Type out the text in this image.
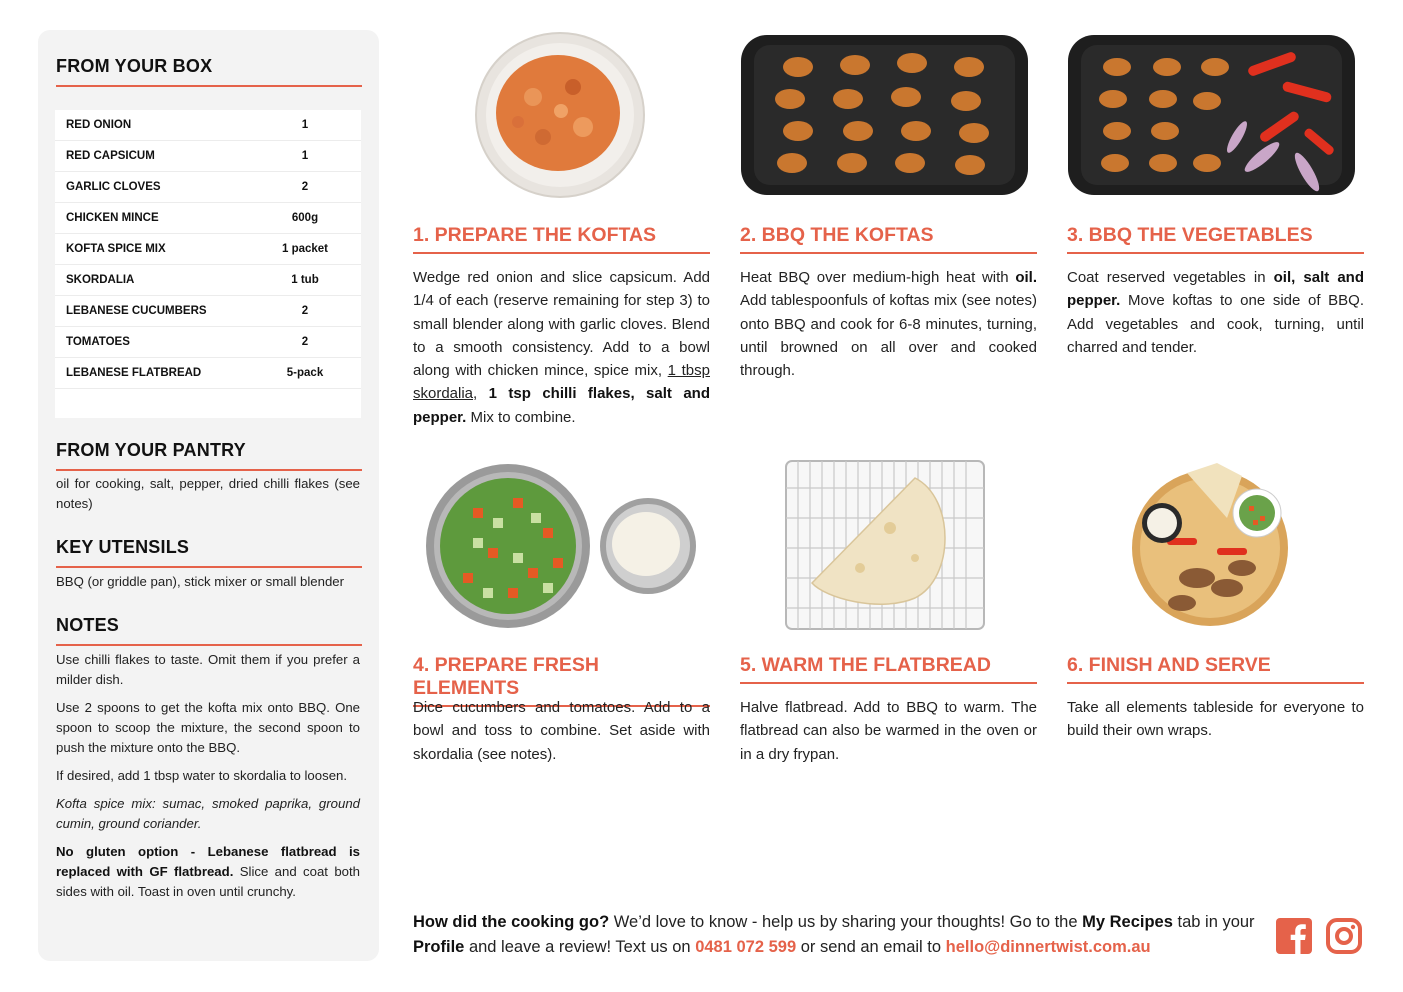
FROM YOUR BOX
RED ONION	1
RED CAPSICUM	1
GARLIC CLOVES	2
CHICKEN MINCE	600g
KOFTA SPICE MIX	1 packet
SKORDALIA	1 tub
LEBANESE CUCUMBERS	2
TOMATOES	2
LEBANESE FLATBREAD	5-pack
FROM YOUR PANTRY
oil for cooking, salt, pepper, dried chilli flakes (see notes)
KEY UTENSILS
BBQ (or griddle pan), stick mixer or small blender
NOTES

Use chilli flakes to taste. Omit them if you prefer a milder dish.

Use 2 spoons to get the kofta mix onto BBQ. One spoon to scoop the mixture, the second spoon to push the mixture onto the BBQ.

If desired, add 1 tbsp water to skordalia to loosen.

Kofta spice mix: sumac, smoked paprika, ground cumin, ground coriander.

No gluten option - Lebanese flatbread is replaced with GF flatbread. Slice and coat both sides with oil. Toast in oven until crunchy.

1. PREPARE THE KOFTAS
Wedge red onion and slice capsicum. Add 1/4 of each (reserve remaining for step 3) to small blender along with garlic cloves. Blend to a smooth consistency. Add to a bowl along with chicken mince, spice mix, 1 tbsp skordalia, 1 tsp chilli flakes, salt and pepper. Mix to combine.
2. BBQ THE KOFTAS
Heat BBQ over medium-high heat with oil. Add tablespoonfuls of koftas mix (see notes) onto BBQ and cook for 6-8 minutes, turning, until browned on all over and cooked through.
3. BBQ THE VEGETABLES
Coat reserved vegetables in oil, salt and pepper. Move koftas to one side of BBQ. Add vegetables and cook, turning, until charred and tender.
4. PREPARE FRESH ELEMENTS
Dice cucumbers and tomatoes. Add to a bowl and toss to combine. Set aside with skordalia (see notes).
5. WARM THE FLATBREAD
Halve flatbread. Add to BBQ to warm. The flatbread can also be warmed in the oven or in a dry frypan.
6. FINISH AND SERVE
Take all elements tableside for everyone to build their own wraps.
How did the cooking go? We’d love to know - help us by sharing your thoughts! Go to the My Recipes tab in your Profile and leave a review! Text us on 0481 072 599 or send an email to hello@dinnertwist.com.au
